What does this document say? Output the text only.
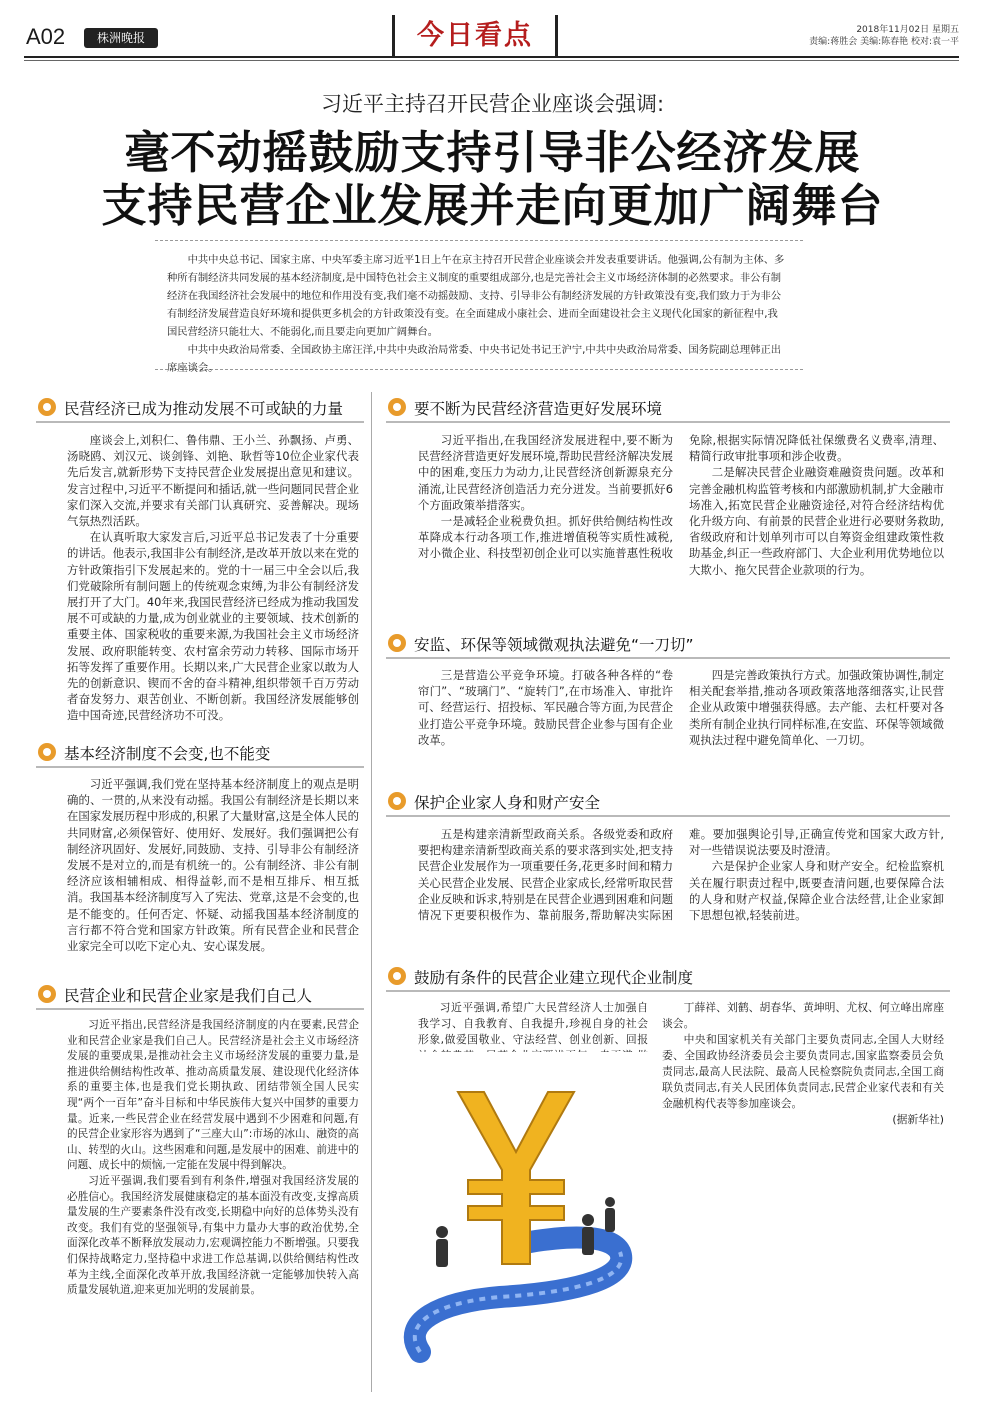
A02	株洲晚报	今日看点	2018年11月02日 星期五
责编:蒋胜会 美编:陈春艳 校对:袁一平
习近平主持召开民营企业座谈会强调:
毫不动摇鼓励支持引导非公经济发展
支持民营企业发展并走向更加广阔舞台
中共中央总书记、国家主席、中央军委主席习近平1日上午在京主持召开民营企业座谈会并发表重要讲话。他强调,公有制为主体、多种所有制经济共同发展的基本经济制度,是中国特色社会主义制度的重要组成部分,也是完善社会主义市场经济体制的必然要求。非公有制经济在我国经济社会发展中的地位和作用没有变,我们毫不动摇鼓励、支持、引导非公有制经济发展的方针政策没有变,我们致力于为非公有制经济发展营造良好环境和提供更多机会的方针政策没有变。在全面建成小康社会、进而全面建设社会主义现代化国家的新征程中,我国民营经济只能壮大、不能弱化,而且要走向更加广阔舞台。
中共中央政治局常委、全国政协主席汪洋,中共中央政治局常委、中央书记处书记王沪宁,中共中央政治局常委、国务院副总理韩正出席座谈会。
民营经济已成为推动发展不可或缺的力量

座谈会上,刘积仁、鲁伟鼎、王小兰、孙飘扬、卢勇、汤晓鸥、刘汉元、谈剑锋、刘艳、耿哲等10位企业家代表先后发言,就新形势下支持民营企业发展提出意见和建议。发言过程中,习近平不断提问和插话,就一些问题同民营企业家们深入交流,并要求有关部门认真研究、妥善解决。现场气氛热烈活跃。

在认真听取大家发言后,习近平总书记发表了十分重要的讲话。他表示,我国非公有制经济,是改革开放以来在党的方针政策指引下发展起来的。党的十一届三中全会以后,我们党破除所有制问题上的传统观念束缚,为非公有制经济发展打开了大门。40年来,我国民营经济已经成为推动我国发展不可或缺的力量,成为创业就业的主要领域、技术创新的重要主体、国家税收的重要来源,为我国社会主义市场经济发展、政府职能转变、农村富余劳动力转移、国际市场开拓等发挥了重要作用。长期以来,广大民营企业家以敢为人先的创新意识、锲而不舍的奋斗精神,组织带领千百万劳动者奋发努力、艰苦创业、不断创新。我国经济发展能够创造中国奇迹,民营经济功不可没。

基本经济制度不会变,也不能变

习近平强调,我们党在坚持基本经济制度上的观点是明确的、一贯的,从来没有动摇。我国公有制经济是长期以来在国家发展历程中形成的,积累了大量财富,这是全体人民的共同财富,必须保管好、使用好、发展好。我们强调把公有制经济巩固好、发展好,同鼓励、支持、引导非公有制经济发展不是对立的,而是有机统一的。公有制经济、非公有制经济应该相辅相成、相得益彰,而不是相互排斥、相互抵消。我国基本经济制度写入了宪法、党章,这是不会变的,也是不能变的。任何否定、怀疑、动摇我国基本经济制度的言行都不符合党和国家方针政策。所有民营企业和民营企业家完全可以吃下定心丸、安心谋发展。

民营企业和民营企业家是我们自己人

习近平指出,民营经济是我国经济制度的内在要素,民营企业和民营企业家是我们自己人。民营经济是社会主义市场经济发展的重要成果,是推动社会主义市场经济发展的重要力量,是推进供给侧结构性改革、推动高质量发展、建设现代化经济体系的重要主体,也是我们党长期执政、团结带领全国人民实现“两个一百年”奋斗目标和中华民族伟大复兴中国梦的重要力量。近来,一些民营企业在经营发展中遇到不少困难和问题,有的民营企业家形容为遇到了“三座大山”:市场的冰山、融资的高山、转型的火山。这些困难和问题,是发展中的困难、前进中的问题、成长中的烦恼,一定能在发展中得到解决。

习近平强调,我们要看到有利条件,增强对我国经济发展的必胜信心。我国经济发展健康稳定的基本面没有改变,支撑高质量发展的生产要素条件没有改变,长期稳中向好的总体势头没有改变。我们有党的坚强领导,有集中力量办大事的政治优势,全面深化改革不断释放发展动力,宏观调控能力不断增强。只要我们保持战略定力,坚持稳中求进工作总基调,以供给侧结构性改革为主线,全面深化改革开放,我国经济就一定能够加快转入高质量发展轨道,迎来更加光明的发展前景。

要不断为民营经济营造更好发展环境

习近平指出,在我国经济发展进程中,要不断为民营经济营造更好发展环境,帮助民营经济解决发展中的困难,变压力为动力,让民营经济创新源泉充分涌流,让民营经济创造活力充分迸发。当前要抓好6个方面政策举措落实。

一是减轻企业税费负担。抓好供给侧结构性改革降成本行动各项工作,推进增值税等实质性减税,对小微企业、科技型初创企业可以实施普惠性税收免除,根据实际情况降低社保缴费名义费率,清理、精简行政审批事项和涉企收费。

二是解决民营企业融资难融资贵问题。改革和完善金融机构监管考核和内部激励机制,扩大金融市场准入,拓宽民营企业融资途径,对符合经济结构优化升级方向、有前景的民营企业进行必要财务救助,省级政府和计划单列市可以自筹资金组建政策性救助基金,纠正一些政府部门、大企业利用优势地位以大欺小、拖欠民营企业款项的行为。

安监、环保等领域微观执法避免“一刀切”

三是营造公平竞争环境。打破各种各样的“卷帘门”、“玻璃门”、“旋转门”,在市场准入、审批许可、经营运行、招投标、军民融合等方面,为民营企业打造公平竞争环境。鼓励民营企业参与国有企业改革。

四是完善政策执行方式。加强政策协调性,制定相关配套举措,推动各项政策落地落细落实,让民营企业从政策中增强获得感。去产能、去杠杆要对各类所有制企业执行同样标准,在安监、环保等领域微观执法过程中避免简单化、一刀切。

保护企业家人身和财产安全

五是构建亲清新型政商关系。各级党委和政府要把构建亲清新型政商关系的要求落到实处,把支持民营企业发展作为一项重要任务,花更多时间和精力关心民营企业发展、民营企业家成长,经常听取民营企业反映和诉求,特别是在民营企业遇到困难和问题情况下更要积极作为、靠前服务,帮助解决实际困难。要加强舆论引导,正确宣传党和国家大政方针,对一些错误说法要及时澄清。

六是保护企业家人身和财产安全。纪检监察机关在履行职责过程中,既要查清问题,也要保障合法的人身和财产权益,保障企业合法经营,让企业家卸下思想包袱,轻装前进。

鼓励有条件的民营企业建立现代企业制度

习近平强调,希望广大民营经济人士加强自我学习、自我教育、自我提升,珍视自身的社会形象,做爱国敬业、守法经营、创业创新、回报

丁薛祥、刘鹤、胡春华、黄坤明、尤权、何立峰出席座谈会。

中央和国家机关有关部门主要负责同志,全国人大财经委、全国政协经济委员会主要负责同志,国家监察委员会负责同志,最高人民法院、最高人民检察院负责同志,全国工商联负责同志,有关人民团体负责同志,民营企业家代表和有关金融机构代表等参加座谈会。

(据新华社)
